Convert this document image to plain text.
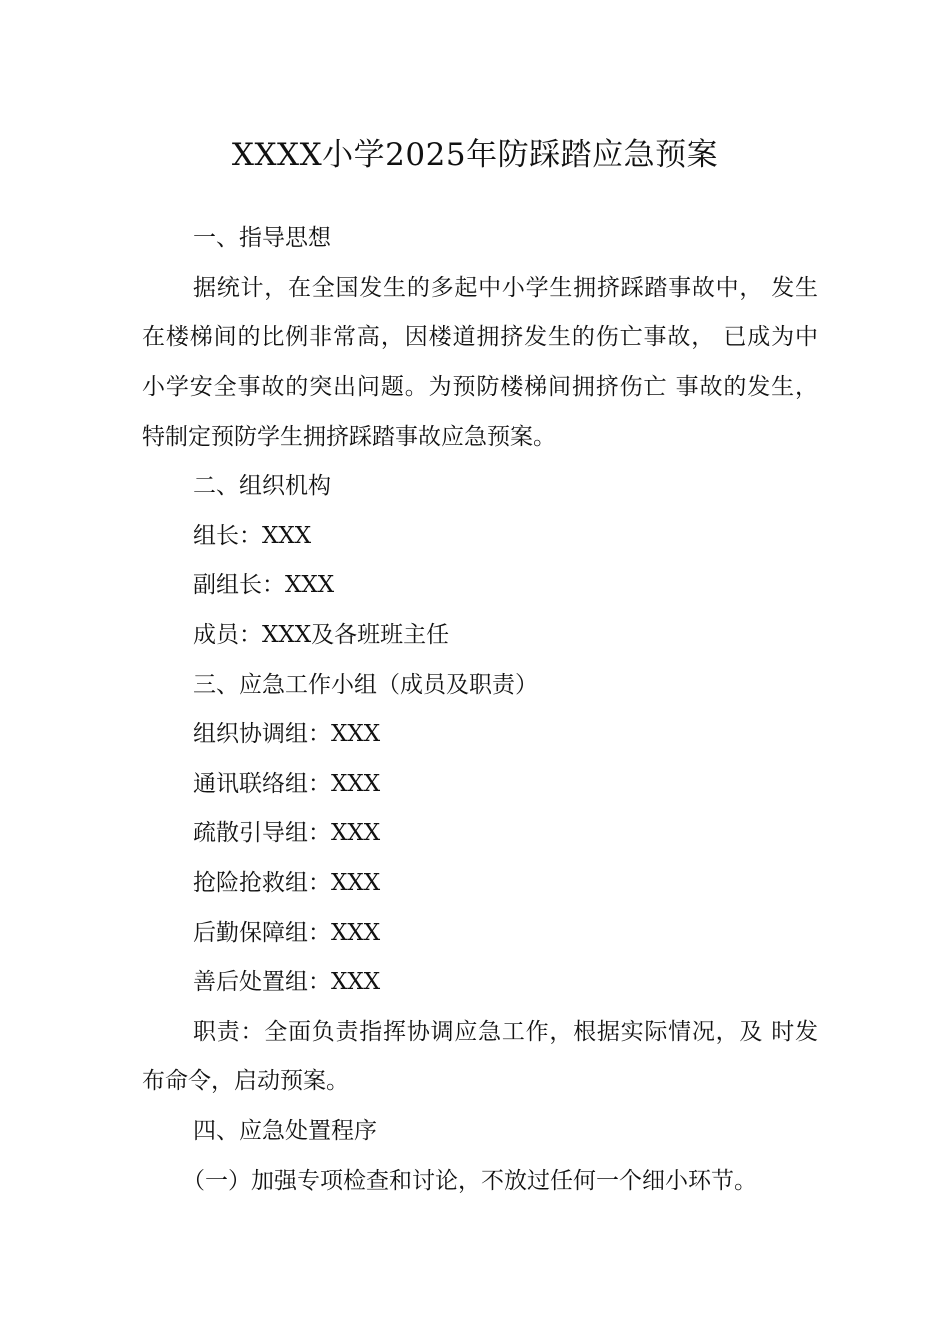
XXXX小学2025年防踩踏应急预案
一、指导思想
据统计，在全国发生的多起中小学生拥挤踩踏事故中， 发生
在楼梯间的比例非常高，因楼道拥挤发生的伤亡事故， 已成为中
小学安全事故的突出问题。为预防楼梯间拥挤伤亡 事故的发生，
特制定预防学生拥挤踩踏事故应急预案。
二、组织机构
组长：XXX
副组长：XXX
成员：XXX及各班班主任
三、应急工作小组（成员及职责）
组织协调组：XXX
通讯联络组：XXX
疏散引导组：XXX
抢险抢救组：XXX
后勤保障组：XXX
善后处置组：XXX
职责：全面负责指挥协调应急工作，根据实际情况，及 时发
布命令，启动预案。
四、应急处置程序
（一）加强专项检查和讨论，不放过任何一个细小环节。
